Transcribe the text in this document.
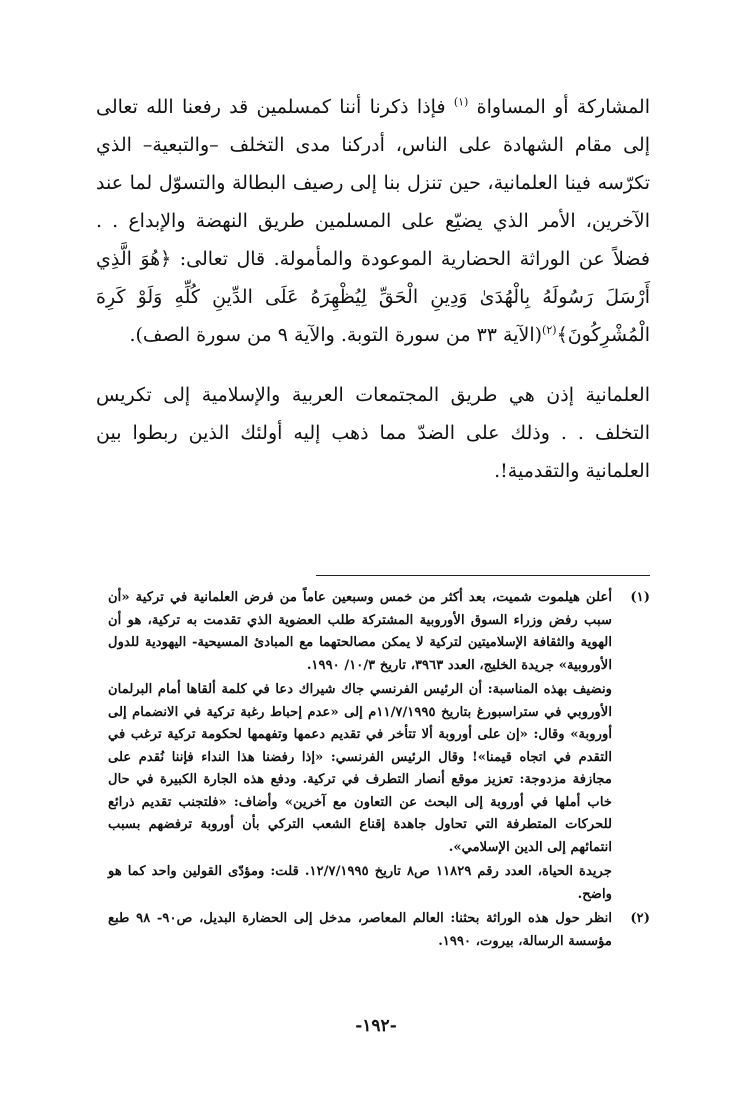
المشاركة أو المساواة $^{(١)}$ فإذا ذكرنا أننا كمسلمين قد رفعنا الله تعالى إلى مقام الشهادة على الناس، أدركنا مدى التخلف –والتبعية– الذي تكرّسه فينا العلمانية، حين تنزل بنا إلى رصيف البطالة والتسوّل لما عند الآخرين، الأمر الذي يضيّع على المسلمين طريق النهضة والإبداع . . فضلاً عن الوراثة الحضارية الموعودة والمأمولة. قال تعالى: ﴿هُوَ الَّذِي أَرْسَلَ رَسُولَهُ بِالْهُدَىٰ وَدِينِ الْحَقِّ لِيُظْهِرَهُ عَلَى الدِّينِ كُلِّهِ وَلَوْ كَرِهَ الْمُشْرِكُونَ﴾$^{(٢)}$(الآية ٣٣ من سورة التوبة. والآية ٩ من سورة الصف).

العلمانية إذن هي طريق المجتمعات العربية والإسلامية إلى تكريس التخلف . . وذلك على الضدّ مما ذهب إليه أولئك الذين ربطوا بين العلمانية والتقدمية!.

(١)
أعلن هيلموت شميت، بعد أكثر من خمس وسبعين عاماً من فرض العلمانية في تركية «أن سبب رفض وزراء السوق الأوروبية المشتركة طلب العضوية الذي تقدمت به تركية، هو أن الهوية والثقافة الإسلاميتين لتركية لا يمكن مصالحتهما مع المبادئ المسيحية- اليهودية للدول الأوروبية» جريدة الخليج، العدد ٣٩٦٣، تاريخ ١٠/٣/ ١٩٩٠.
ونضيف بهذه المناسبة: أن الرئيس الفرنسي جاك شيراك دعا في كلمة ألقاها أمام البرلمان الأوروبي في ستراسبورغ بتاريخ ١١/٧/١٩٩٥م إلى «عدم إحباط رغبة تركية في الانضمام إلى أوروبة» وقال: «إن على أوروبة ألا تتأخر في تقديم دعمها وتفهمها لحكومة تركية ترغب في التقدم في اتجاه قيمنا»! وقال الرئيس الفرنسي: «إذا رفضنا هذا النداء فإننا نُقدم على مجازفة مزدوجة: تعزيز موقع أنصار التطرف في تركية. ودفع هذه الجارة الكبيرة في حال خاب أملها في أوروبة إلى البحث عن التعاون مع آخرين» وأضاف: «فلتجنب تقديم ذرائع للحركات المتطرفة التي تحاول جاهدة إقناع الشعب التركي بأن أوروبة ترفضهم بسبب انتمائهم إلى الدين الإسلامي».
جريدة الحياة، العدد رقم ١١٨٢٩ ص٨ تاريخ ١٢/٧/١٩٩٥. قلت: ومؤدّى القولين واحد كما هو واضح.
(٢)
انظر حول هذه الوراثة بحثنا: العالم المعاصر، مدخل إلى الحضارة البديل، ص٩٠- ٩٨ طبع مؤسسة الرسالة، بيروت، ١٩٩٠.
-١٩٢-
